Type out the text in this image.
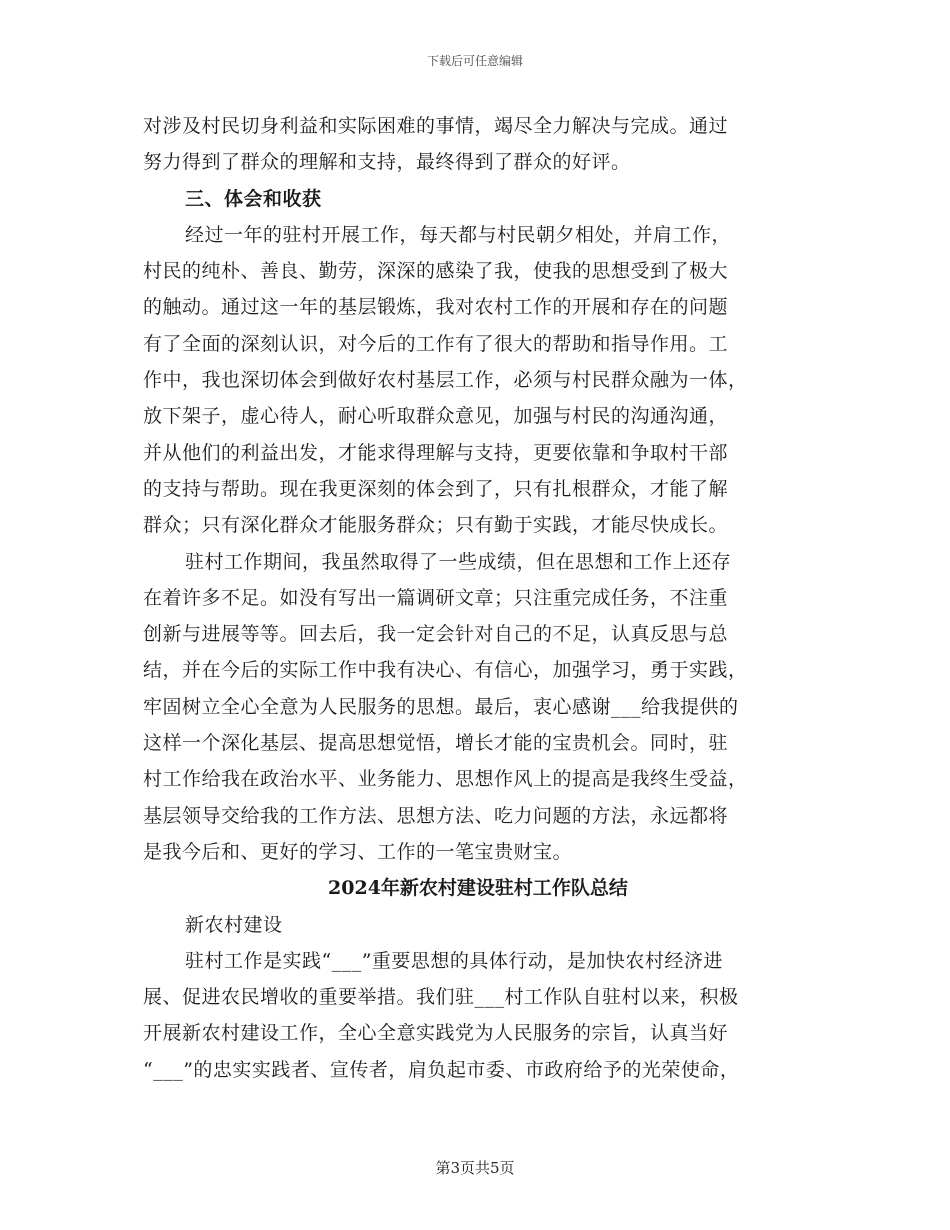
下载后可任意编辑
对涉及村民切身利益和实际困难的事情，竭尽全力解决与完成。通过
努力得到了群众的理解和支持，最终得到了群众的好评。
三、体会和收获
经过一年的驻村开展工作，每天都与村民朝夕相处，并肩工作，
村民的纯朴、善良、勤劳，深深的感染了我，使我的思想受到了极大
的触动。通过这一年的基层锻炼，我对农村工作的开展和存在的问题
有了全面的深刻认识，对今后的工作有了很大的帮助和指导作用。工
作中，我也深切体会到做好农村基层工作，必须与村民群众融为一体，
放下架子，虚心待人，耐心听取群众意见，加强与村民的沟通沟通，
并从他们的利益出发，才能求得理解与支持，更要依靠和争取村干部
的支持与帮助。现在我更深刻的体会到了，只有扎根群众，才能了解
群众；只有深化群众才能服务群众；只有勤于实践，才能尽快成长。
驻村工作期间，我虽然取得了一些成绩，但在思想和工作上还存
在着许多不足。如没有写出一篇调研文章；只注重完成任务，不注重
创新与进展等等。回去后，我一定会针对自己的不足，认真反思与总
结，并在今后的实际工作中我有决心、有信心，加强学习，勇于实践，
牢固树立全心全意为人民服务的思想。最后，衷心感谢___给我提供的
这样一个深化基层、提高思想觉悟，增长才能的宝贵机会。同时，驻
村工作给我在政治水平、业务能力、思想作风上的提高是我终生受益，
基层领导交给我的工作方法、思想方法、吃力问题的方法，永远都将
是我今后和、更好的学习、工作的一笔宝贵财宝。
2024年新农村建设驻村工作队总结
新农村建设
驻村工作是实践“___”重要思想的具体行动，是加快农村经济进
展、促进农民增收的重要举措。我们驻___村工作队自驻村以来，积极
开展新农村建设工作，全心全意实践党为人民服务的宗旨，认真当好
“___”的忠实实践者、宣传者，肩负起市委、市政府给予的光荣使命，
第3页共5页
